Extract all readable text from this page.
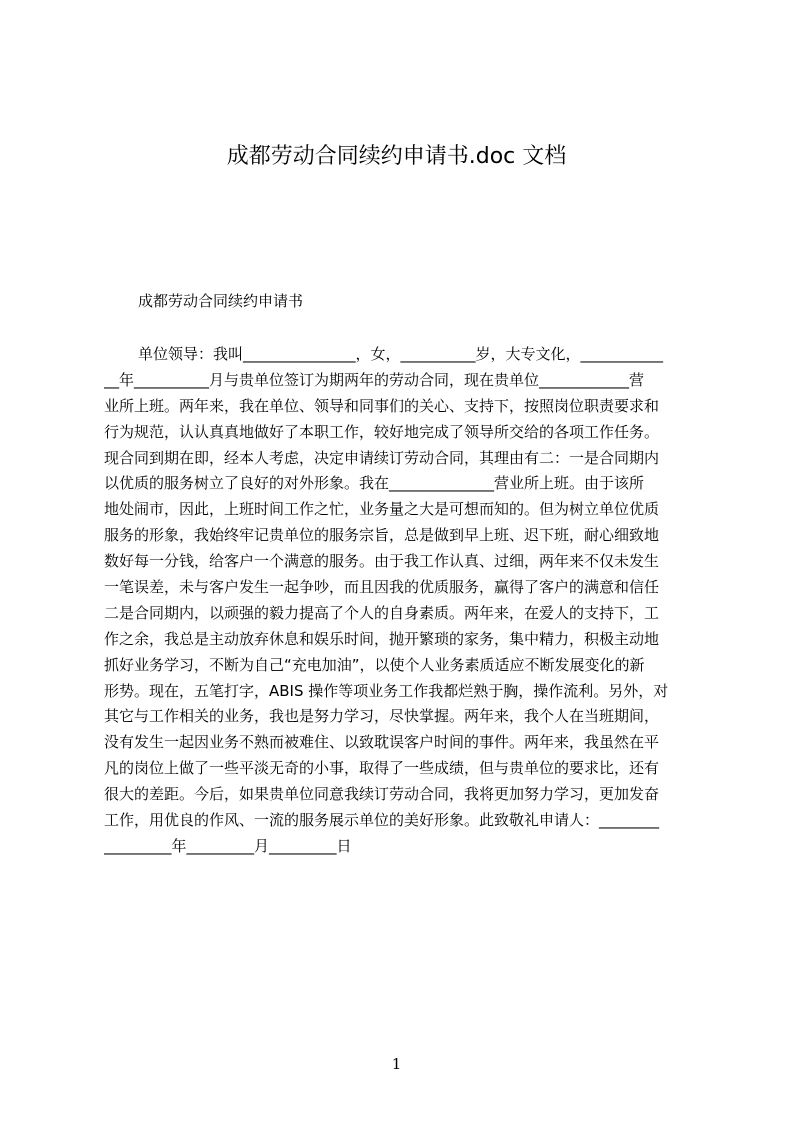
成都劳动合同续约申请书.doc 文档
成都劳动合同续约申请书
单位领导：我叫_______________，女，__________岁，大专文化，___________
__年__________月与贵单位签订为期两年的劳动合同，现在贵单位____________营
业所上班。两年来，我在单位、领导和同事们的关心、支持下，按照岗位职责要求和
行为规范，认认真真地做好了本职工作，较好地完成了领导所交给的各项工作任务。
现合同到期在即，经本人考虑，决定申请续订劳动合同，其理由有二：一是合同期内
以优质的服务树立了良好的对外形象。我在______________营业所上班。由于该所
地处闹市，因此，上班时间工作之忙，业务量之大是可想而知的。但为树立单位优质
服务的形象，我始终牢记贵单位的服务宗旨，总是做到早上班、迟下班，耐心细致地
数好每一分钱，给客户一个满意的服务。由于我工作认真、过细，两年来不仅未发生
一笔误差，未与客户发生一起争吵，而且因我的优质服务，赢得了客户的满意和信任
二是合同期内，以顽强的毅力提高了个人的自身素质。两年来，在爱人的支持下，工
作之余，我总是主动放弃休息和娱乐时间，抛开繁琐的家务，集中精力，积极主动地
抓好业务学习，不断为自己“充电加油”，以使个人业务素质适应不断发展变化的新
形势。现在，五笔打字，ABIS 操作等项业务工作我都烂熟于胸，操作流利。另外，对
其它与工作相关的业务，我也是努力学习，尽快掌握。两年来，我个人在当班期间，
没有发生一起因业务不熟而被难住、以致耽误客户时间的事件。两年来，我虽然在平
凡的岗位上做了一些平淡无奇的小事，取得了一些成绩，但与贵单位的要求比，还有
很大的差距。今后，如果贵单位同意我续订劳动合同，我将更加努力学习，更加发奋
工作，用优良的作风、一流的服务展示单位的美好形象。此致敬礼申请人：________
_________年_________月_________日
1
